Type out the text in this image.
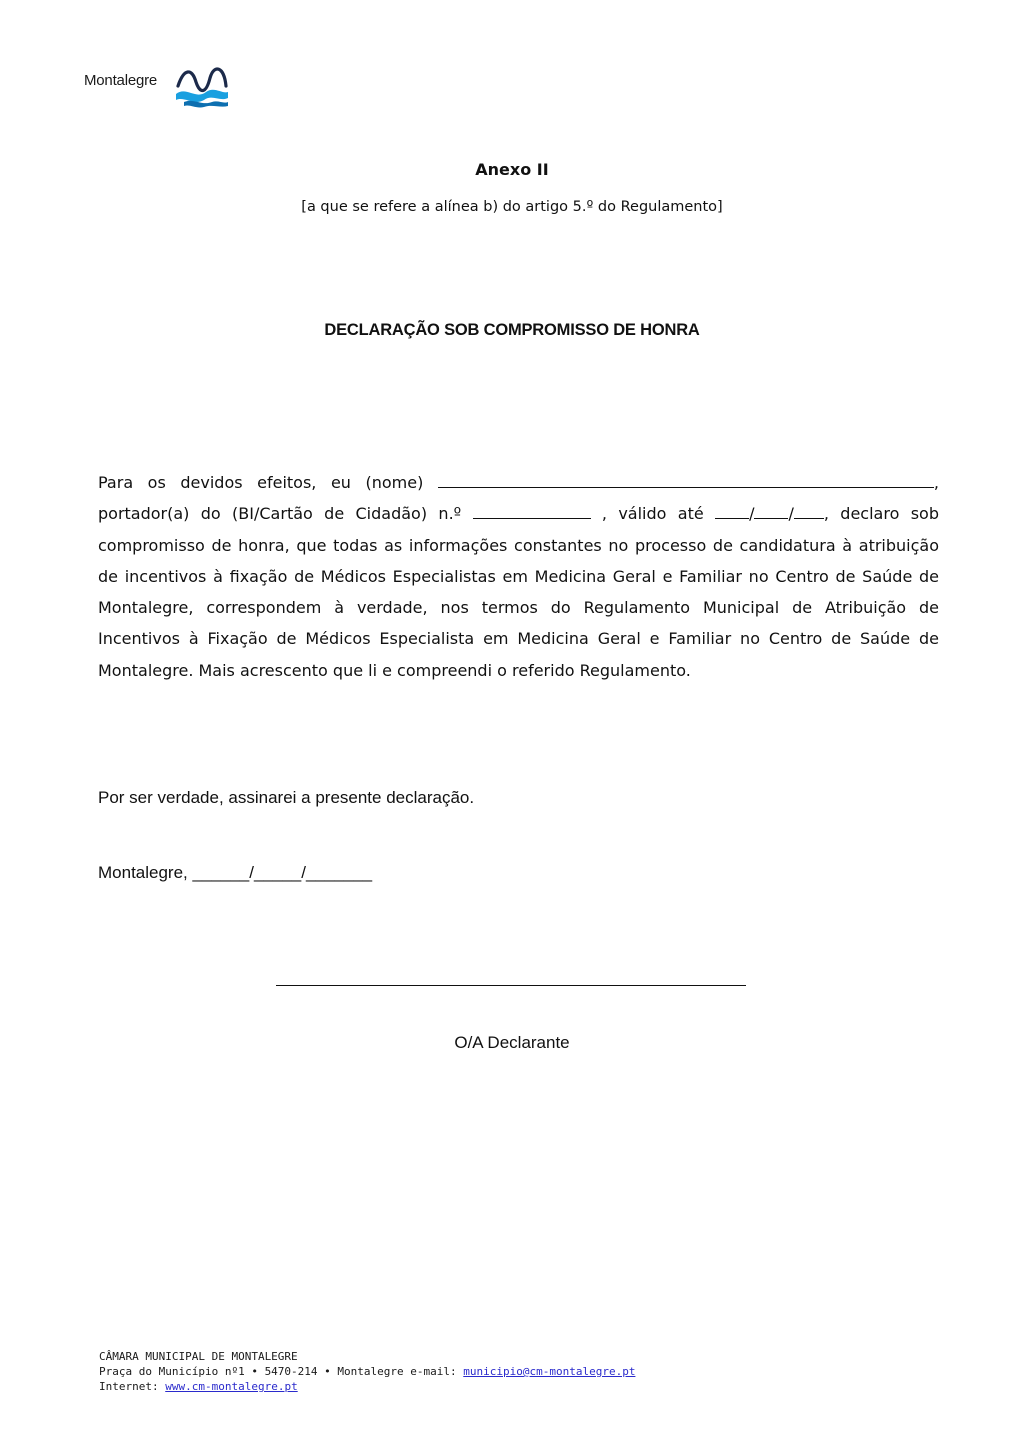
Montalegre
Anexo II
[a que se refere a alínea b) do artigo 5.º do Regulamento]
DECLARAÇÃO SOB COMPROMISSO DE HONRA

Para os devidos efeitos, eu (nome)	, portador(a) do (BI/Cartão de Cidadão) n.º	, válido até / / , declaro sob compromisso de honra, que todas as informações constantes no processo de candidatura à atribuição de incentivos à fixação de Médicos Especialistas em Medicina Geral e Familiar no Centro de Saúde de Montalegre, correspondem à verdade, nos termos do Regulamento Municipal de Atribuição de Incentivos à Fixação de Médicos Especialista em Medicina Geral e Familiar no Centro de Saúde de Montalegre. Mais acrescento que li e compreendi o referido Regulamento.

Por ser verdade, assinarei a presente declaração.
Montalegre, ______/_____/_______
O/A Declarante
CÂMARA MUNICIPAL DE MONTALEGRE
Praça do Município nº1 • 5470-214 • Montalegre e-mail: municipio@cm-montalegre.pt
Internet: www.cm-montalegre.pt
